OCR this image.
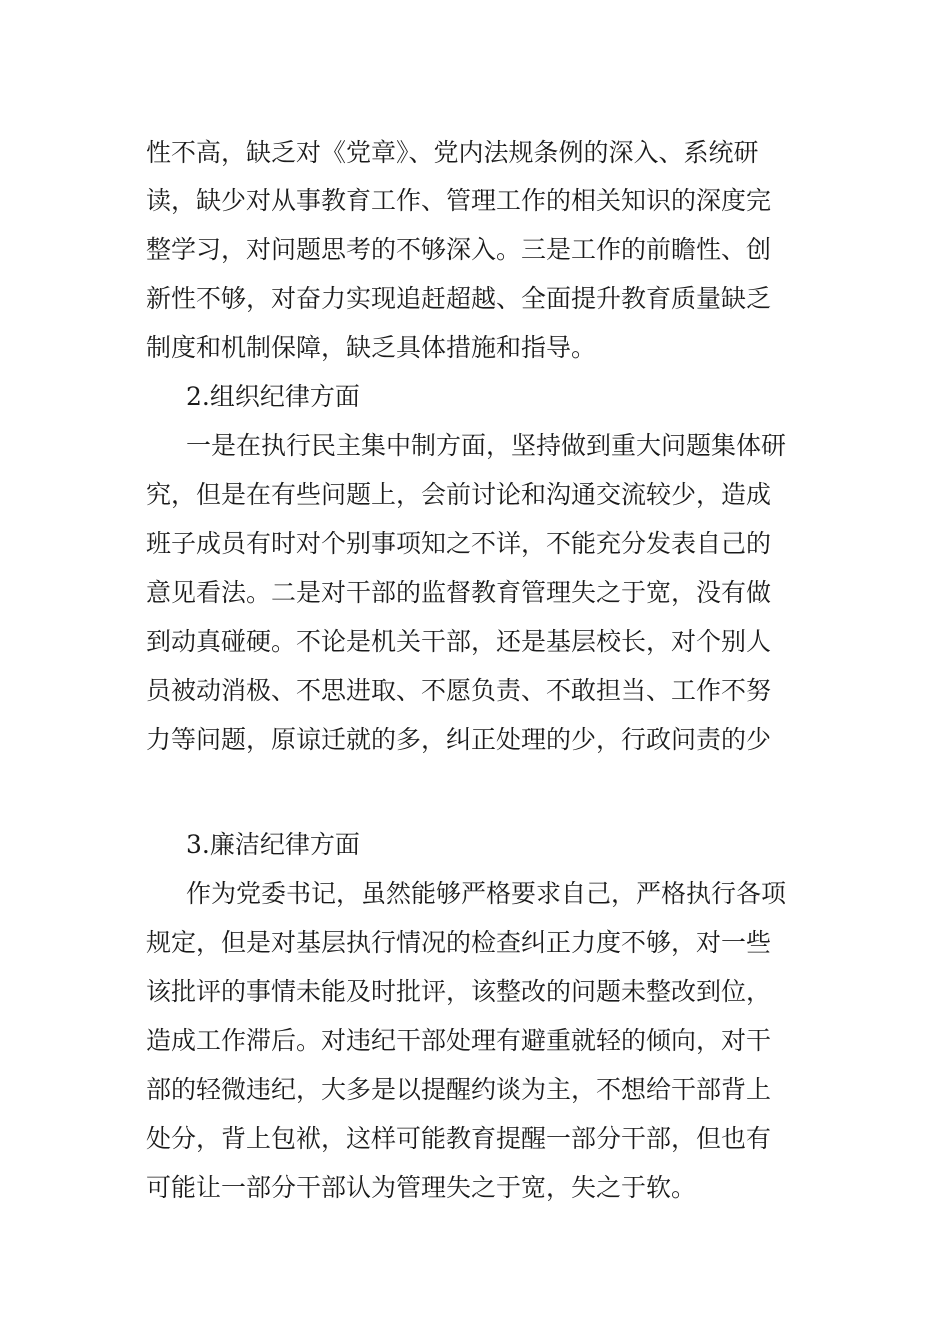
性不高，缺乏对《党章》、党内法规条例的深入、系统研
读，缺少对从事教育工作、管理工作的相关知识的深度完
整学习，对问题思考的不够深入。三是工作的前瞻性、创
新性不够，对奋力实现追赶超越、全面提升教育质量缺乏
制度和机制保障，缺乏具体措施和指导。
2.组织纪律方面
一是在执行民主集中制方面，坚持做到重大问题集体研
究，但是在有些问题上，会前讨论和沟通交流较少，造成
班子成员有时对个别事项知之不详，不能充分发表自己的
意见看法。二是对干部的监督教育管理失之于宽，没有做
到动真碰硬。不论是机关干部，还是基层校长，对个别人
员被动消极、不思进取、不愿负责、不敢担当、工作不努
力等问题，原谅迁就的多，纠正处理的少，行政问责的少
3.廉洁纪律方面
作为党委书记，虽然能够严格要求自己，严格执行各项
规定，但是对基层执行情况的检查纠正力度不够，对一些
该批评的事情未能及时批评，该整改的问题未整改到位，
造成工作滞后。对违纪干部处理有避重就轻的倾向，对干
部的轻微违纪，大多是以提醒约谈为主，不想给干部背上
处分，背上包袱，这样可能教育提醒一部分干部，但也有
可能让一部分干部认为管理失之于宽，失之于软。
